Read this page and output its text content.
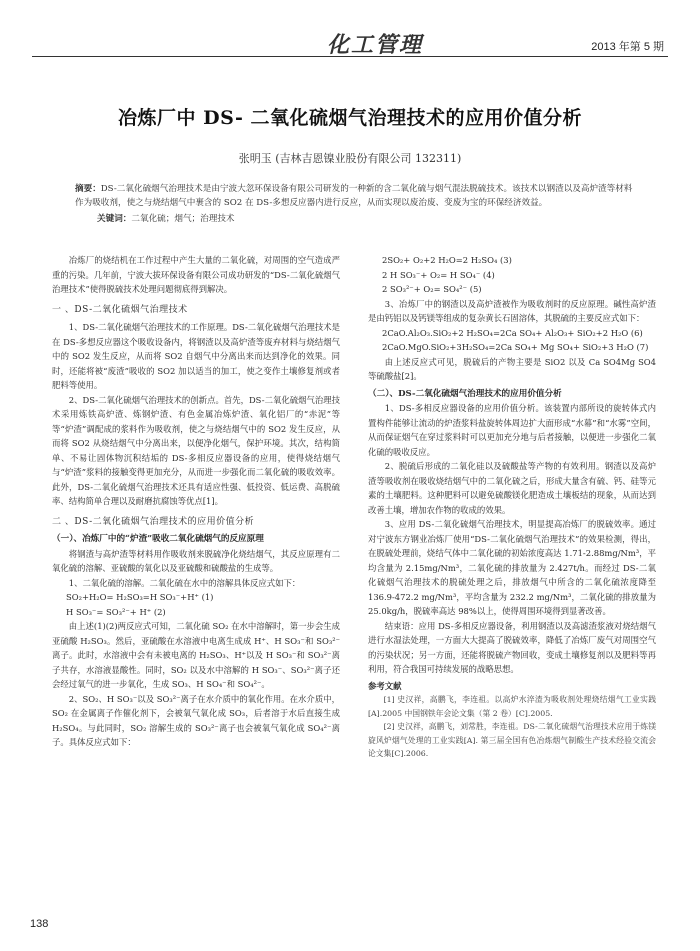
化工管理	2013 年第 5 期
冶炼厂中 DS- 二氧化硫烟气治理技术的应用价值分析
张明玉 (吉林吉恩镍业股份有限公司 132311)
摘要：DS-二氧化硫烟气治理技术是由宁波大忽环保设备有限公司研发的一种新的含二氧化硫与烟气混法脱硫技术。该技术以钢渣以及高炉渣等材料作为吸收剂，使之与烧结烟气中裹含的 SO2 在 DS-多想反应器内进行反应，从而实现以废治废、变废为宝的环保经济效益。
关键词：二氧化硫；烟气；治理技术

冶炼厂的烧结机在工作过程中产生大量的二氧化硫，对周围的空气造成严重的污染。几年前，宁波大拔环保设备有限公司成功研发的“DS-二氧化硫烟气治理技术”使得脱硫技术处理问题彻底得到解决。

一 、DS-二氧化硫烟气治理技术

1、DS-二氧化硫烟气治理技术的工作原理。DS-二氧化硫烟气治理技术是在 DS-多想反应器这个吸收设备内，将钢渣以及高炉渣等废弃材料与烧结烟气中的 SO2 发生反应，从而将 SO2 自烟气中分离出来而达到净化的效果。同时，还能将被“废渣”吸收的 SO2 加以适当的加工，使之变作土壤修复剂或者肥料等使用。

2、DS-二氧化硫烟气治理技术的创新点。首先，DS-二氧化硫烟气治理技术采用炼铁高炉渣、炼钢炉渣、有色金属冶炼炉渣、氧化铝厂的“赤泥”等等“炉渣”调配成的浆料作为吸收剂，使之与烧结烟气中的 SO2 发生反应，从而将 SO2 从烧结烟气中分离出来，以便净化烟气，保护环境。其次，结构简单、不易让固体物沉积结垢的 DS-多相反应器设备的应用，使得烧结烟气与“炉渣”浆料的接触变得更加充分，从而进一步强化而二氧化硫的吸收效率。此外，DS-二氧化硫烟气治理技术还具有适应性强、低投资、低运费、高脱硫率、结构简单合理以及耐磨抗腐蚀等优点[1]。

二 、DS-二氧化硫烟气治理技术的应用价值分析

（一）、冶炼厂中的“炉渣”吸收二氧化硫烟气的反应原理

将钢渣与高炉渣等材料用作吸收剂来脱硫净化烧结烟气，其反应原理有二氧化硫的溶解、亚硫酸的氧化以及亚硫酸和硫酸盐的生成等。

1、二氧化硫的溶解。二氧化硫在水中的溶解具体反应式如下：

SO₂+H₂O= H₂SO₃=H SO₃⁻+H⁺ (1)

H SO₃⁻= SO₃²⁻+ H⁺ (2)

由上述(1)(2)两反应式可知，二氧化硫 SO₂ 在水中溶解时，第一步会生成亚硫酸 H₂SO₃。然后，亚硫酸在水溶液中电离生成成 H⁺、H SO₃⁻和 SO₃²⁻离子。此时，水溶液中会有未被电离的 H₂SO₃、H⁺以及 H SO₃⁻和 SO₃²⁻离子共存，水溶液显酸性。同时，SO₂ 以及水中溶解的 H SO₃⁻、SO₃²⁻离子还会经过氧气的进一步氧化，生成 SO₃、H SO₄⁻和 SO₄²⁻。

2、SO₂、H SO₃⁻以及 SO₃²⁻离子在水介质中的氧化作用。在水介质中，SO₂ 在金属离子作催化剂下，会被氧气氧化成 SO₃，后者溶于水后直接生成 H₂SO₄。与此同时，SO₂ 溶解生成的 SO₃²⁻离子也会被氧气氧化成 SO₄²⁻离子。具体反应式如下：

2SO₂+ O₂+2 H₂O=2 H₂SO₄ (3)

2 H SO₃⁻+ O₂= H SO₄⁻ (4)

2 SO₃²⁻+ O₂= SO₄²⁻ (5)

3、冶炼厂中的钢渣以及高炉渣被作为吸收剂时的反应原理。碱性高炉渣是由钙铝以及钙镁等组成的复杂黄长石固溶体，其脱硫的主要反应式如下：

2CaO.Al₂O₃.SiO₂+2 H₂SO₄=2Ca SO₄+ Al₂O₃+ SiO₂+2 H₂O (6)

2CaO.MgO.SiO₂+3H₂SO₄=2Ca SO₄+ Mg SO₄+ SiO₂+3 H₂O (7)

由上述反应式可见，脱硫后的产物主要是 SiO2 以及 Ca SO4Mg SO4 等硫酸盐[2]。

（二）、DS-二氧化硫烟气治理技术的应用价值分析

1、DS-多相反应器设备的应用价值分析。该装置内部所设的旋转体式内置构件能够让流动的炉渣浆料盐旋转体周边扩大面形成“水幕”和“水雾”空间，从而保证烟气在穿过浆料时可以更加充分地与后者接触，以便进一步强化二氧化硫的吸收反应。

2、脱硫后形成的二氧化硅以及硫酸盐等产物的有效利用。钢渣以及高炉渣等吸收剂在吸收烧结烟气中的二氧化硫之后，形成大量含有硫、钙、硅等元素的土壤肥料。这种肥料可以避免硫酸镁化肥造成土壤板结的现象，从而达到改善土壤，增加农作物的收成的效果。

3、应用 DS-二氧化硫烟气治理技术，明显提高冶炼厂的脱硫效率。通过对宁波东方钢业冶炼厂使用“DS-二氧化硫烟气治理技术”的效果检测，得出，在脱硫处理前，烧结气体中二氧化硫的初始浓度高达 1.71-2.88mg/Nm³，平均含量为 2.15mg/Nm³，二氧化硫的排放量为 2.427t/h。而经过 DS-二氧化硫烟气治理技术的脱硫处理之后，排放烟气中所含的二氧化硫浓度降至 136.9-472.2 mg/Nm³，平均含量为 232.2 mg/Nm³，二氧化硫的排放量为 25.0kg/h，脱硫率高达 98%以上，使得周围环境得到显著改善。

结束语：应用 DS-多相反应器设备，利用钢渣以及高滤渣浆液对烧结烟气进行水湿法处理，一方面大大提高了脱硫效率，降低了冶炼厂废气对周围空气的污染状况；另一方面，还能将脱硫产物回收，变成土壤修复剂以及肥料等再利用，符合我国可持续发展的战略思想。

参考文献

[1] 史汉祥，高鹏飞，李连祖。以高炉水淬渣为吸收剂处理烧结烟气工业实践[A].2005 中国钢铁年会论文集（第 2 卷）[C].2005.

[2] 史汉祥，高鹏飞，刘常胜，李连祖。DS-二氧化硫烟气治理技术应用于炼镁旋风炉烟气处理的工业实践[A]. 第三届全国有色冶炼烟气制酸生产技术经验交流会论文集[C].2006.

138
